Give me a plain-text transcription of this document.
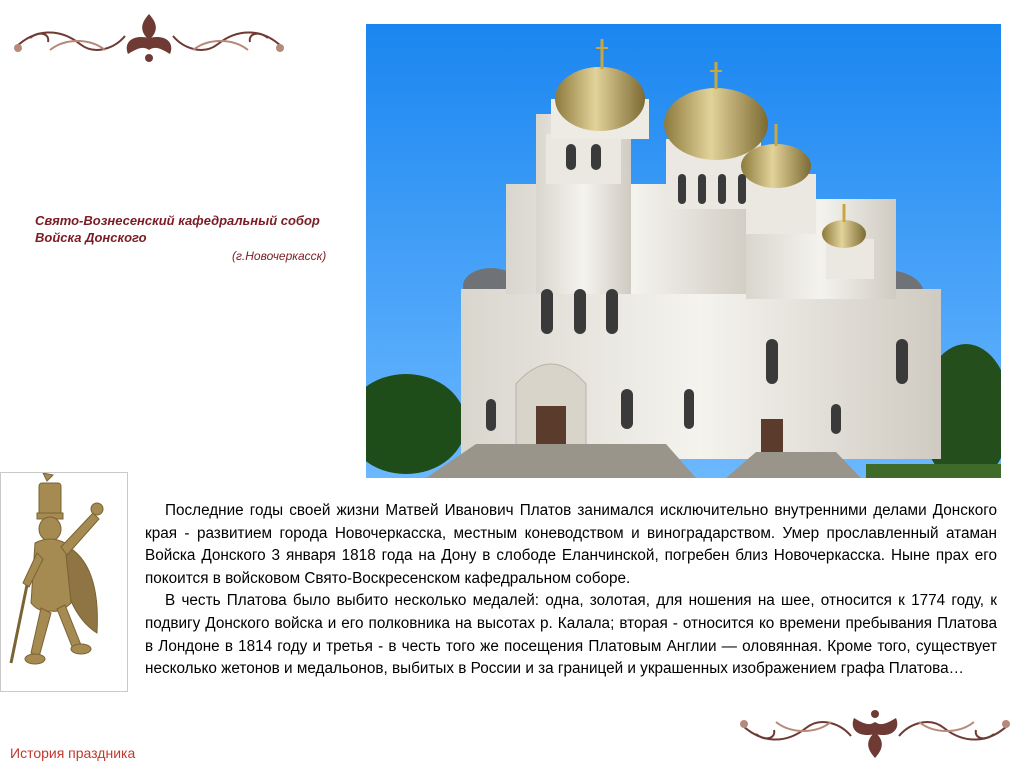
Свято-Вознесенский кафедральный собор
Войска Донского
(г.Новочеркасск)

Последние годы своей жизни Матвей Иванович Платов занимался исключительно внутренними делами Донского края - развитием города Новочеркасска, местным коневодством и виноградарством. Умер прославленный атаман Войска Донского 3 января 1818 года на Дону в слободе Еланчинской, погребен близ Новочеркасска. Ныне прах его покоится в войсковом Свято-Воскресенском кафедральном соборе.

В честь Платова было выбито несколько медалей: одна, золотая, для ношения на шее, относится к 1774 году, к подвигу Донского войска и его полковника на высотах р. Калала; вторая - относится ко времени пребывания Платова в Лондоне в 1814 году и третья - в честь того же посещения Платовым Англии — оловянная. Кроме того, существует несколько жетонов и медальонов, выбитых в России и за границей и украшенных изображением графа Платова…

История праздника
